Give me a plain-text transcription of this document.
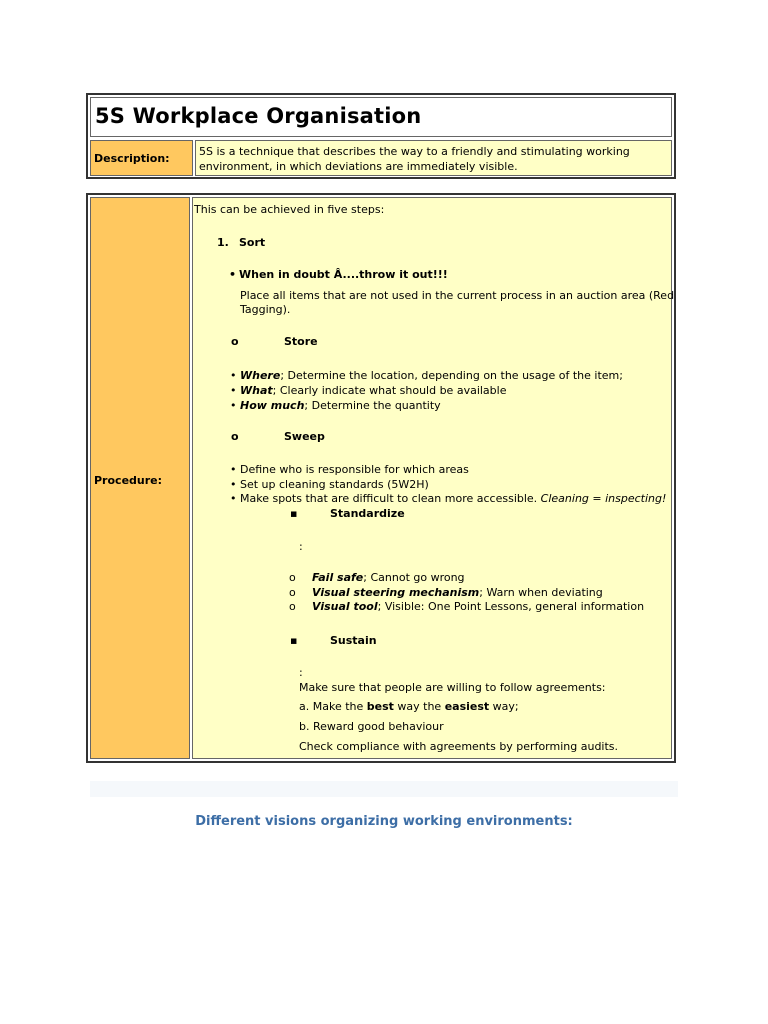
5S Workplace Organisation
Description:
5S is a technique that describes the way to a friendly and stimulating working
environment, in which deviations are immediately visible.
Procedure:
This can be achieved in five steps:
1. Sort
• When in doubt Â....throw it out!!!
Place all items that are not used in the current process in an auction area (Red
Tagging).
o	Store
• Where; Determine the location, depending on the usage of the item;
• What; Clearly indicate what should be available
• How much; Determine the quantity
o	Sweep
• Define who is responsible for which areas
• Set up cleaning standards (5W2H)
• Make spots that are difficult to clean more accessible. Cleaning = inspecting!
▪	Standardize
:
o Fail safe; Cannot go wrong
o Visual steering mechanism; Warn when deviating
o Visual tool; Visible: One Point Lessons, general information
▪	Sustain
:
Make sure that people are willing to follow agreements:
a. Make the best way the easiest way;
b. Reward good behaviour
Check compliance with agreements by performing audits.
Different visions organizing working environments:
